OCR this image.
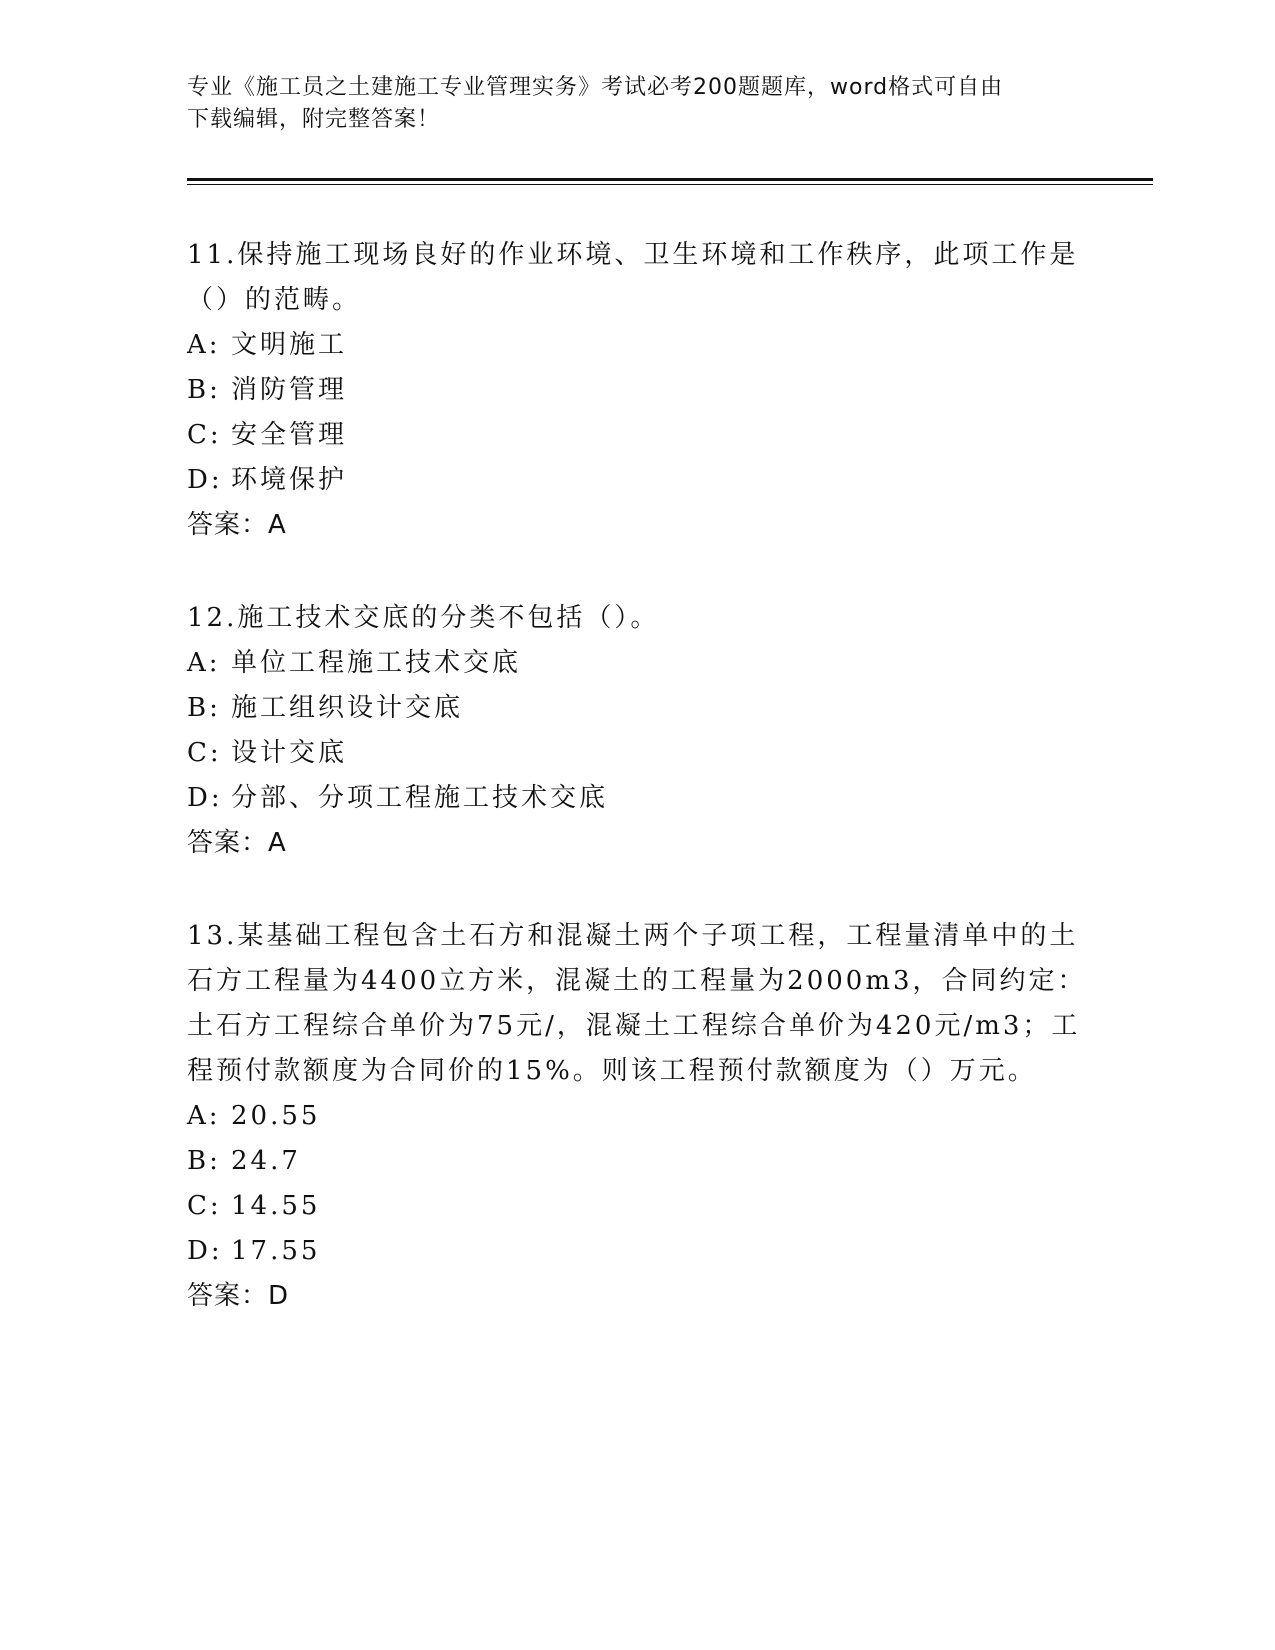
专业《施工员之土建施工专业管理实务》考试必考200题题库，word格式可自由
下载编辑，附完整答案！

11.保持施工现场良好的作业环境、卫生环境和工作秩序，此项工作是（）的范畴。

A: 文明施工

B: 消防管理

C: 安全管理

D: 环境保护

答案：A

12.施工技术交底的分类不包括（）。

A: 单位工程施工技术交底

B: 施工组织设计交底

C: 设计交底

D: 分部、分项工程施工技术交底

答案：A

13.某基础工程包含土石方和混凝土两个子项工程，工程量清单中的土石方工程量为4400立方米，混凝土的工程量为2000m3，合同约定：土石方工程综合单价为75元/，混凝土工程综合单价为420元/m3；工程预付款额度为合同价的15%。则该工程预付款额度为（）万元。

A: 20.55

B: 24.7

C: 14.55

D: 17.55

答案：D
